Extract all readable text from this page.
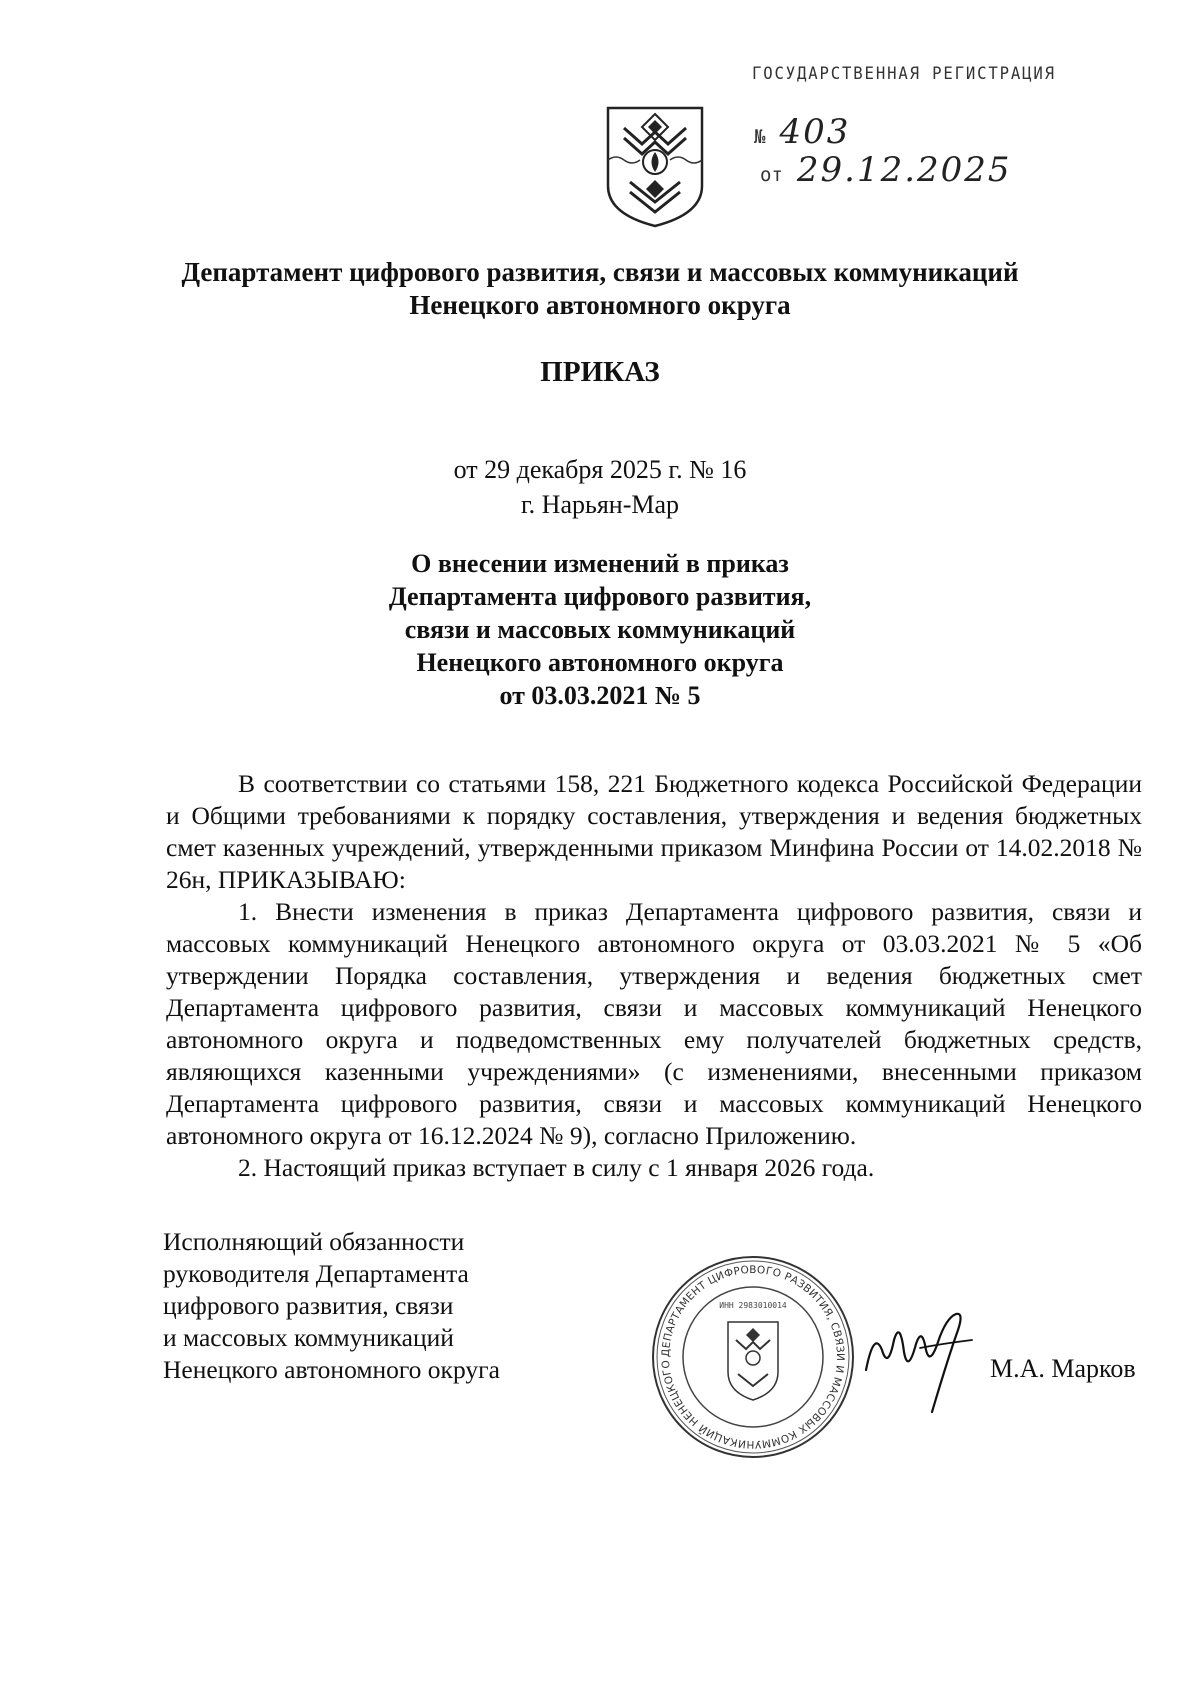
ГОСУДАРСТВЕННАЯ РЕГИСТРАЦИЯ
№ 403
от 29.12.2025
Департамент цифрового развития, связи и массовых коммуникаций
Ненецкого автономного округа
ПРИКАЗ
от 29 декабря 2025 г. № 16
г. Нарьян-Мар
О внесении изменений в приказ
Департамента цифрового развития,
связи и массовых коммуникаций
Ненецкого автономного округа
от 03.03.2021 № 5

В соответствии со статьями 158, 221 Бюджетного кодекса Российской Федерации и Общими требованиями к порядку составления, утверждения и ведения бюджетных смет казенных учреждений, утвержденными приказом Минфина России от 14.02.2018 № 26н, ПРИКАЗЫВАЮ:

1. Внести изменения в приказ Департамента цифрового развития, связи и массовых коммуникаций Ненецкого автономного округа от 03.03.2021 № 5 «Об утверждении Порядка составления, утверждения и ведения бюджетных смет Департамента цифрового развития, связи и массовых коммуникаций Ненецкого автономного округа и подведомственных ему получателей бюджетных средств, являющихся казенными учреждениями» (с изменениями, внесенными приказом Департамента цифрового развития, связи и массовых коммуникаций Ненецкого автономного округа от 16.12.2024 № 9), согласно Приложению.

2. Настоящий приказ вступает в силу с 1 января 2026 года.

Исполняющий обязанности
руководителя Департамента
цифрового развития, связи
и массовых коммуникаций
Ненецкого автономного округа
ДЕПАРТАМЕНТ ЦИФРОВОГО РАЗВИТИЯ, СВЯЗИ И МАССОВЫХ КОММУНИКАЦИЙ НЕНЕЦКОГО
ИНН 2983010014
М.А. Марков
